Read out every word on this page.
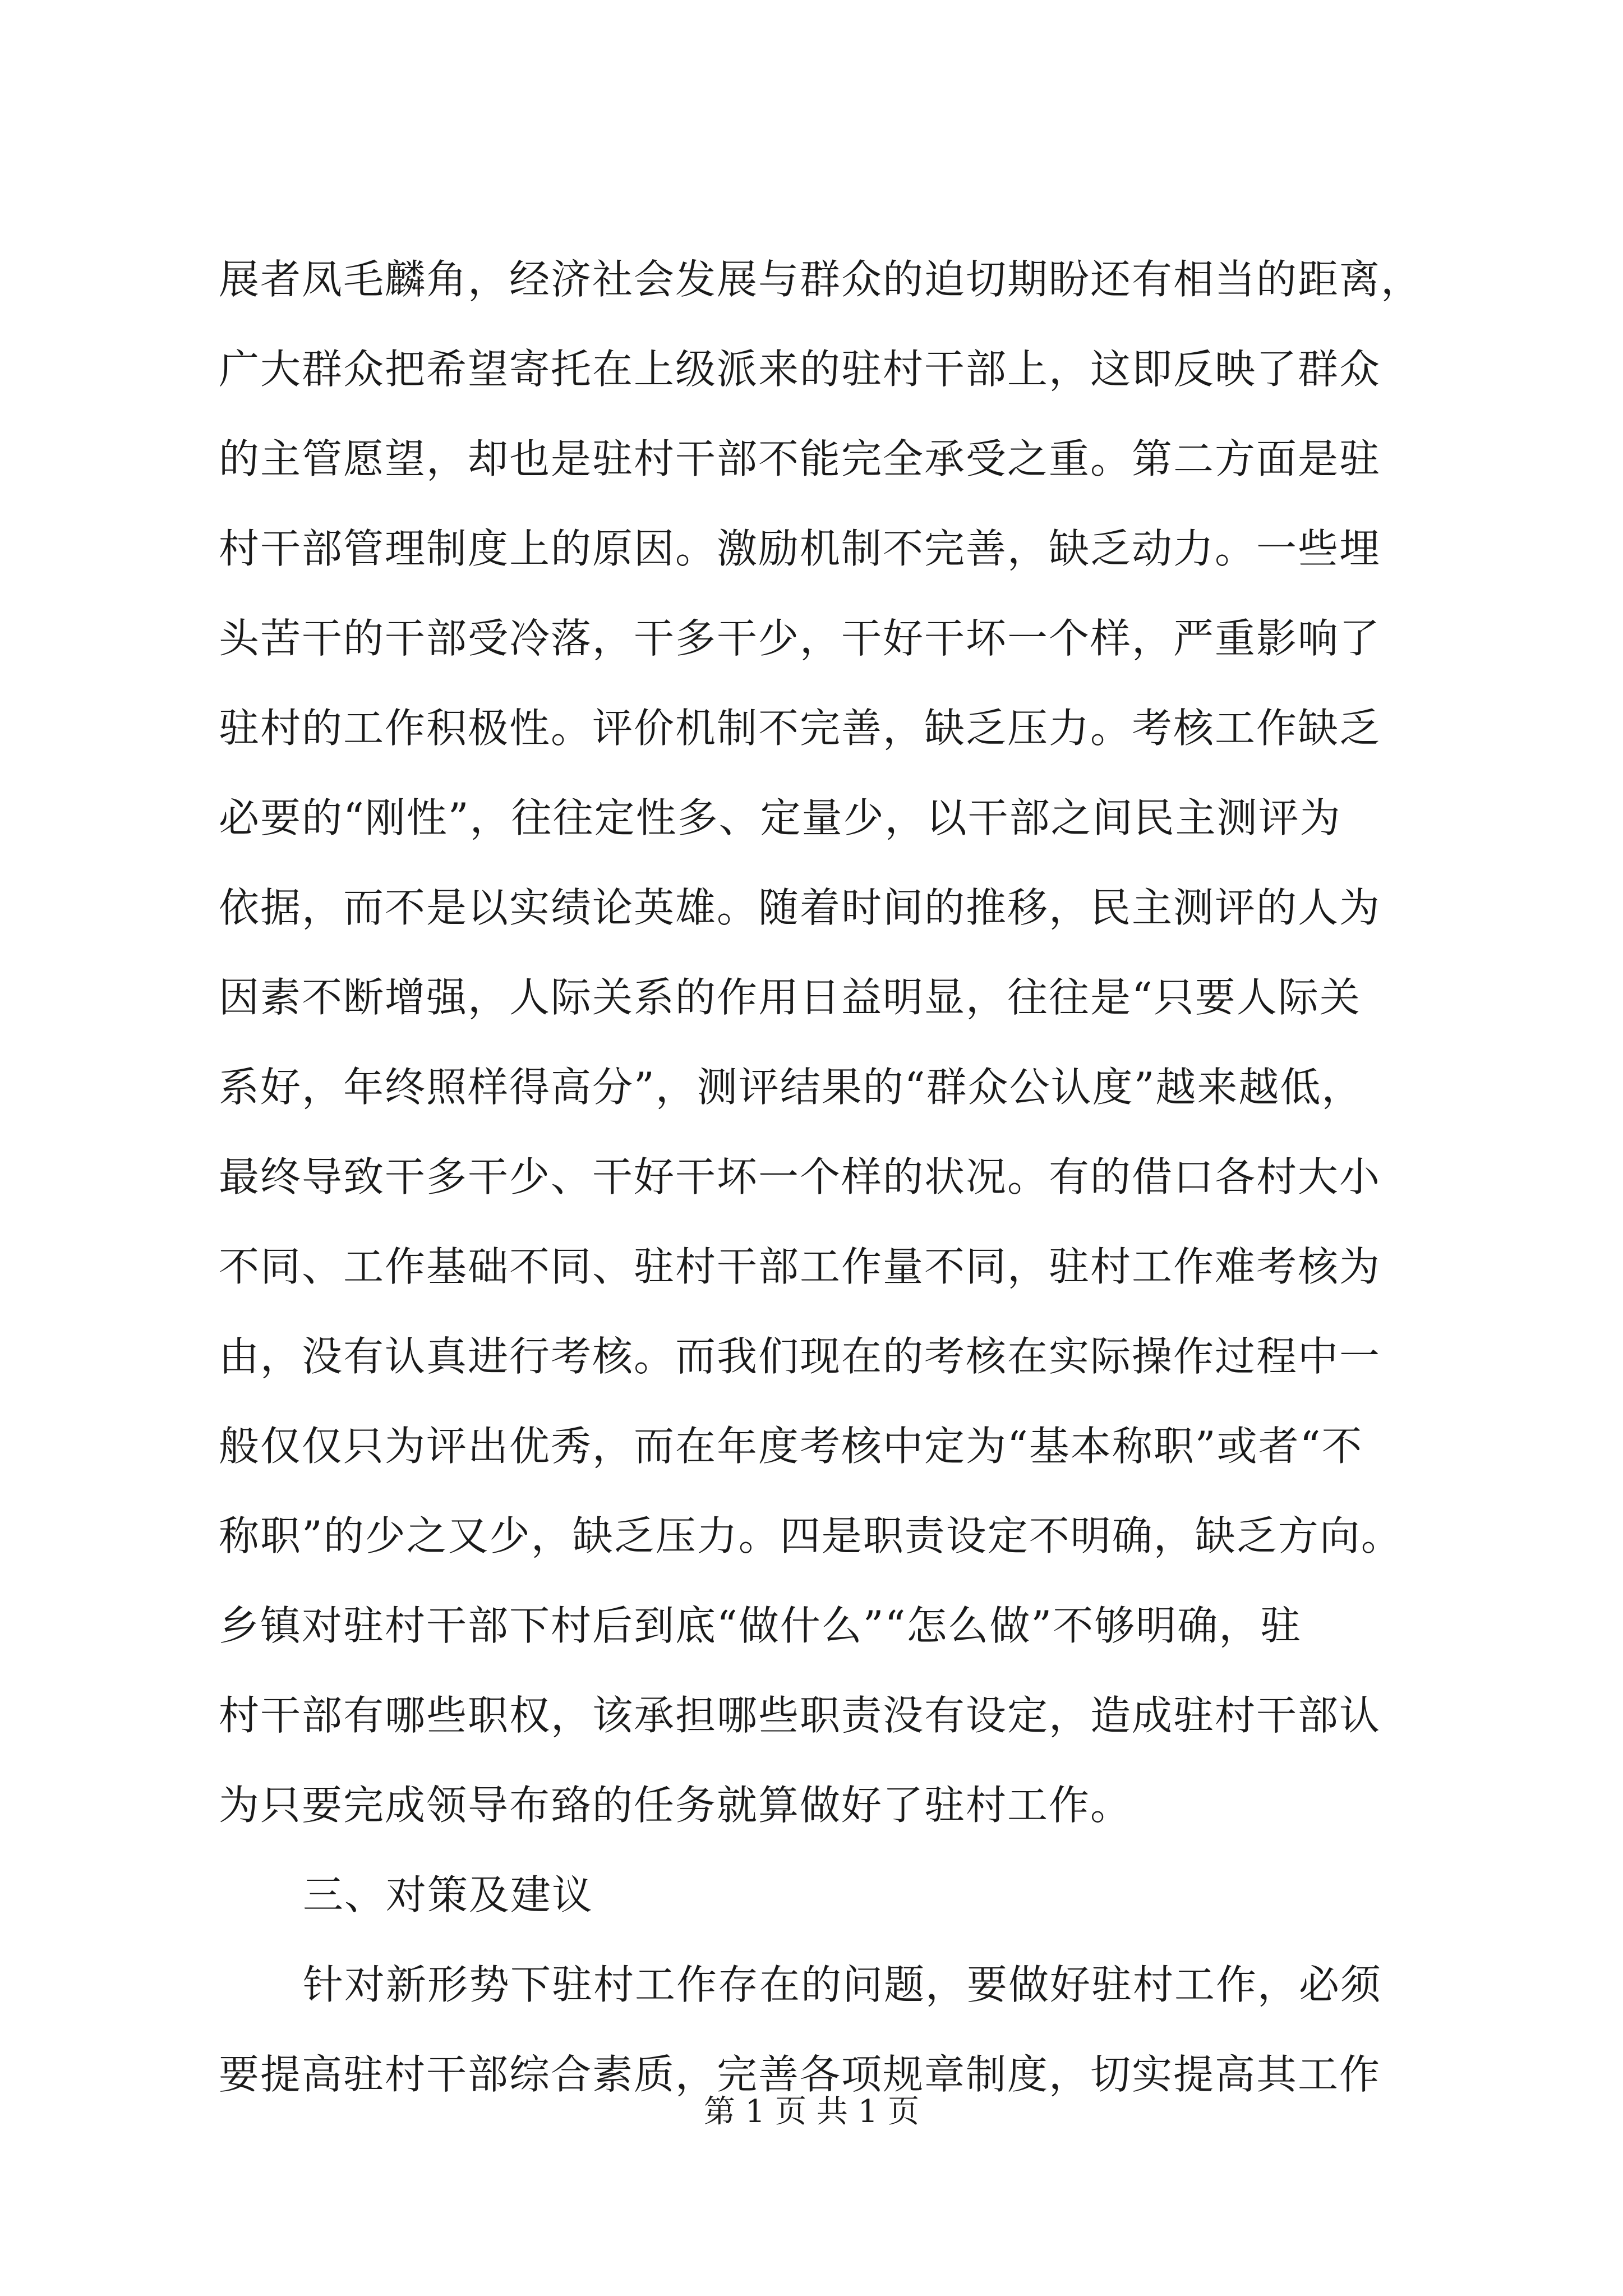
展者凤毛麟角，经济社会发展与群众的迫切期盼还有相当的距离，
广大群众把希望寄托在上级派来的驻村干部上，这即反映了群众
的主管愿望，却也是驻村干部不能完全承受之重。第二方面是驻
村干部管理制度上的原因。激励机制不完善，缺乏动力。一些埋
头苦干的干部受冷落，干多干少，干好干坏一个样，严重影响了
驻村的工作积极性。评价机制不完善，缺乏压力。考核工作缺乏
必要的“刚性”，往往定性多、定量少，以干部之间民主测评为
依据，而不是以实绩论英雄。随着时间的推移，民主测评的人为
因素不断增强，人际关系的作用日益明显，往往是“只要人际关
系好，年终照样得高分”，测评结果的“群众公认度”越来越低，
最终导致干多干少、干好干坏一个样的状况。有的借口各村大小
不同、工作基础不同、驻村干部工作量不同，驻村工作难考核为
由，没有认真进行考核。而我们现在的考核在实际操作过程中一
般仅仅只为评出优秀，而在年度考核中定为“基本称职”或者“不
称职”的少之又少，缺乏压力。四是职责设定不明确，缺乏方向。
乡镇对驻村干部下村后到底“做什么”“怎么做”不够明确，驻
村干部有哪些职权，该承担哪些职责没有设定，造成驻村干部认
为只要完成领导布臵的任务就算做好了驻村工作。
三、对策及建议
针对新形势下驻村工作存在的问题，要做好驻村工作，必须
要提高驻村干部综合素质，完善各项规章制度，切实提高其工作
第 1 页 共 1 页
